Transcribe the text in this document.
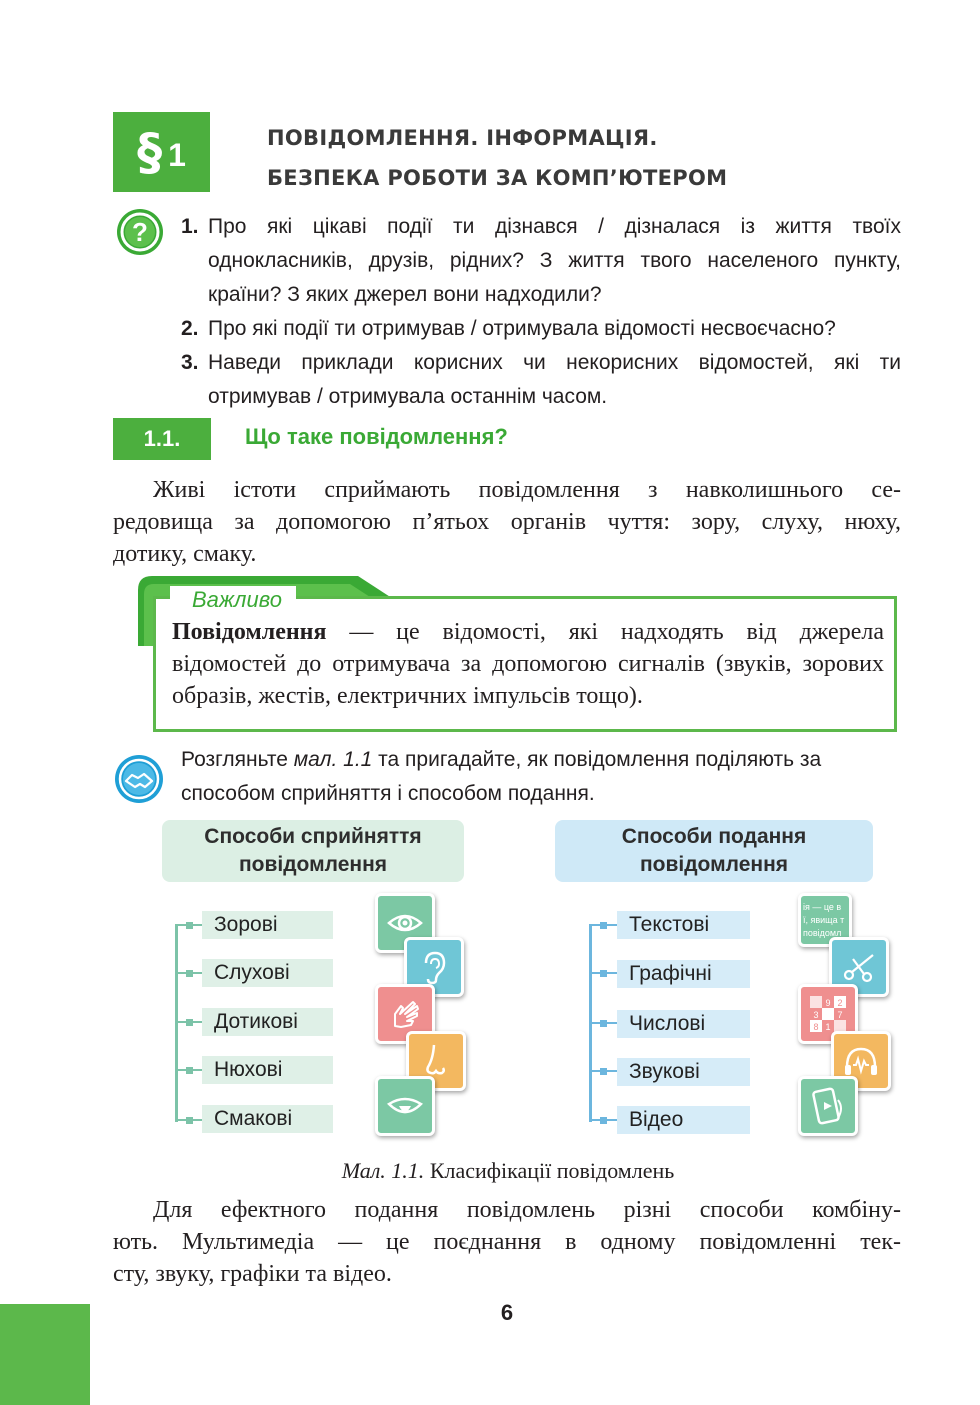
§ 1	ПОВІДОМЛЕННЯ. ІНФОРМАЦІЯ.
БЕЗПЕКА РОБОТИ ЗА КОМП’ЮТЕРОМ
? 1. Про які цікаві події ти дізнався / дізналася із життя твоїх однокласників, друзів, рідних? З життя твого населеного пункту, країни? З яких джерел вони надходили?
2. Про які події ти отримував / отримувала відомості несвоєчасно?
3. Наведи приклади корисних чи некорисних відомостей, які ти отримував / отримувала останнім часом.
1.1.	Що таке повідомлення?
Живі істоти сприймають повідомлення з навколишнього се-
редовища за допомогою п’ятьох органів чуття: зору, слуху, нюху,
дотику, смаку.
Важливо
Повідомлення — це відомості, які надходять від джерела відомостей до отримувача за допомогою сигналів (звуків, зорових образів, жестів, електричних імпульсів тощо).
Розгляньте мал. 1.1 та пригадайте, як повідомлення поділяють за способом сприйняття і способом подання.
Способи сприйняття повідомлення
Способи подання повідомлення
Зорові
Слухові
Дотикові
Нюхові
Смакові
Текстові
Графічні
Числові
Звукові
Відео
ія — це в
ї, явища т
повідомл
9 2
3 7
8 1
Мал. 1.1. Класифікації повідомлень
Для ефектного подання повідомлень різні способи комбіну-
ють. Мультимедіа — це поєднання в одному повідомленні тек-
сту, звуку, графіки та відео.
6
